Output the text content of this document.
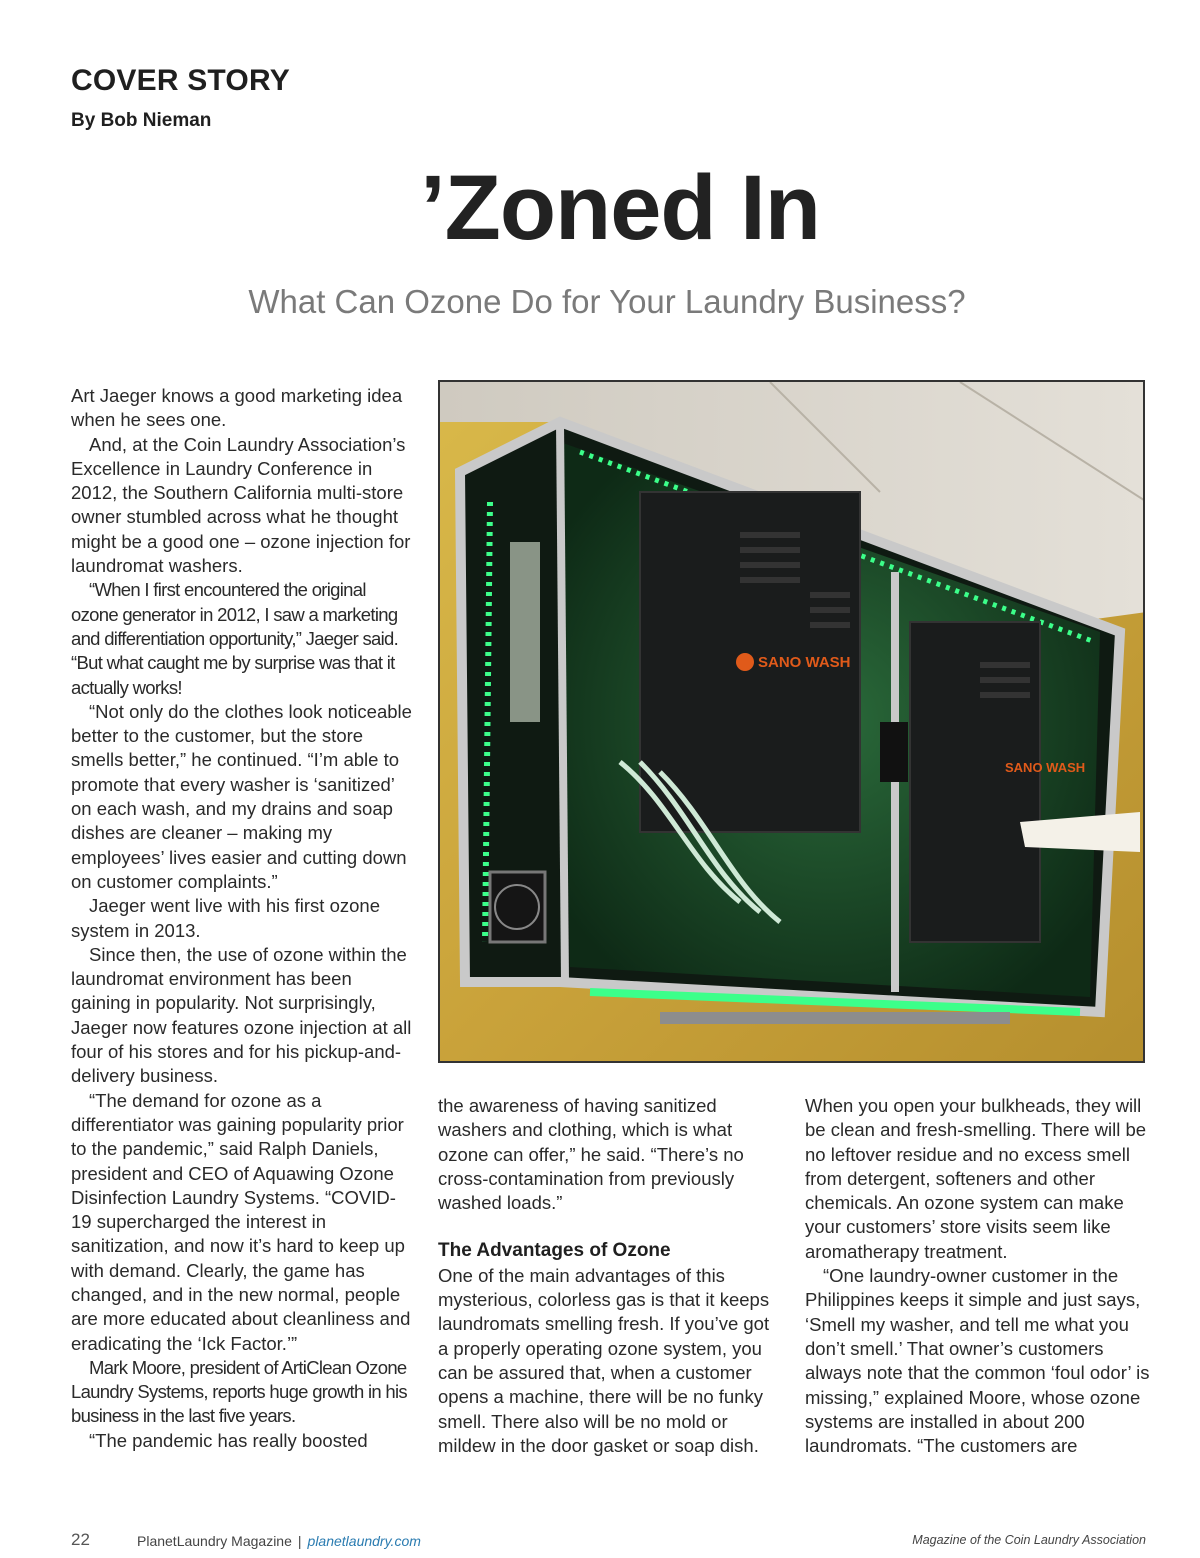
COVER STORY
By Bob Nieman
’Zoned In
What Can Ozone Do for Your Laundry Business?

Art Jaeger knows a good marketing idea when he sees one.

And, at the Coin Laundry Association’s Excellence in Laundry Conference in 2012, the Southern California multi-store owner stumbled across what he thought might be a good one – ozone injection for laundromat washers.

“When I first encountered the original ozone generator in 2012, I saw a marketing and differentiation opportunity,” Jaeger said. “But what caught me by surprise was that it actually works!

“Not only do the clothes look noticeable better to the customer, but the store smells better,” he continued. “I’m able to promote that every washer is ‘sanitized’ on each wash, and my drains and soap dishes are cleaner – making my employees’ lives easier and cutting down on customer complaints.”

Jaeger went live with his first ozone system in 2013.

Since then, the use of ozone within the laundromat environment has been gaining in popularity. Not surprisingly, Jaeger now features ozone injection at all four of his stores and for his pickup-and-delivery business.

“The demand for ozone as a differentiator was gaining popularity prior to the pandemic,” said Ralph Daniels, president and CEO of Aquawing Ozone Disinfection Laundry Systems. “COVID-19 supercharged the interest in sanitization, and now it’s hard to keep up with demand. Clearly, the game has changed, and in the new normal, people are more educated about cleanliness and eradicating the ‘Ick Factor.’”

Mark Moore, president of ArtiClean Ozone Laundry Systems, reports huge growth in his business in the last five years.

“The pandemic has really boosted

SANO WASH
SANO WASH

the awareness of having sanitized washers and clothing, which is what ozone can offer,” he said. “There’s no cross-contamination from previously washed loads.”

The Advantages of Ozone

One of the main advantages of this mysterious, colorless gas is that it keeps laundromats smelling fresh. If you’ve got a properly operating ozone system, you can be assured that, when a customer opens a machine, there will be no funky smell. There also will be no mold or mildew in the door gasket or soap dish.

When you open your bulkheads, they will be clean and fresh-smelling. There will be no leftover residue and no excess smell from detergent, softeners and other chemicals. An ozone system can make your customers’ store visits seem like aromatherapy treatment.

“One laundry-owner customer in the Philippines keeps it simple and just says, ‘Smell my washer, and tell me what you don’t smell.’ That owner’s customers always note that the common ‘foul odor’ is missing,” explained Moore, whose ozone systems are installed in about 200 laundromats. “The customers are

22	PlanetLaundry Magazine | planetlaundry.com	Magazine of the Coin Laundry Association
